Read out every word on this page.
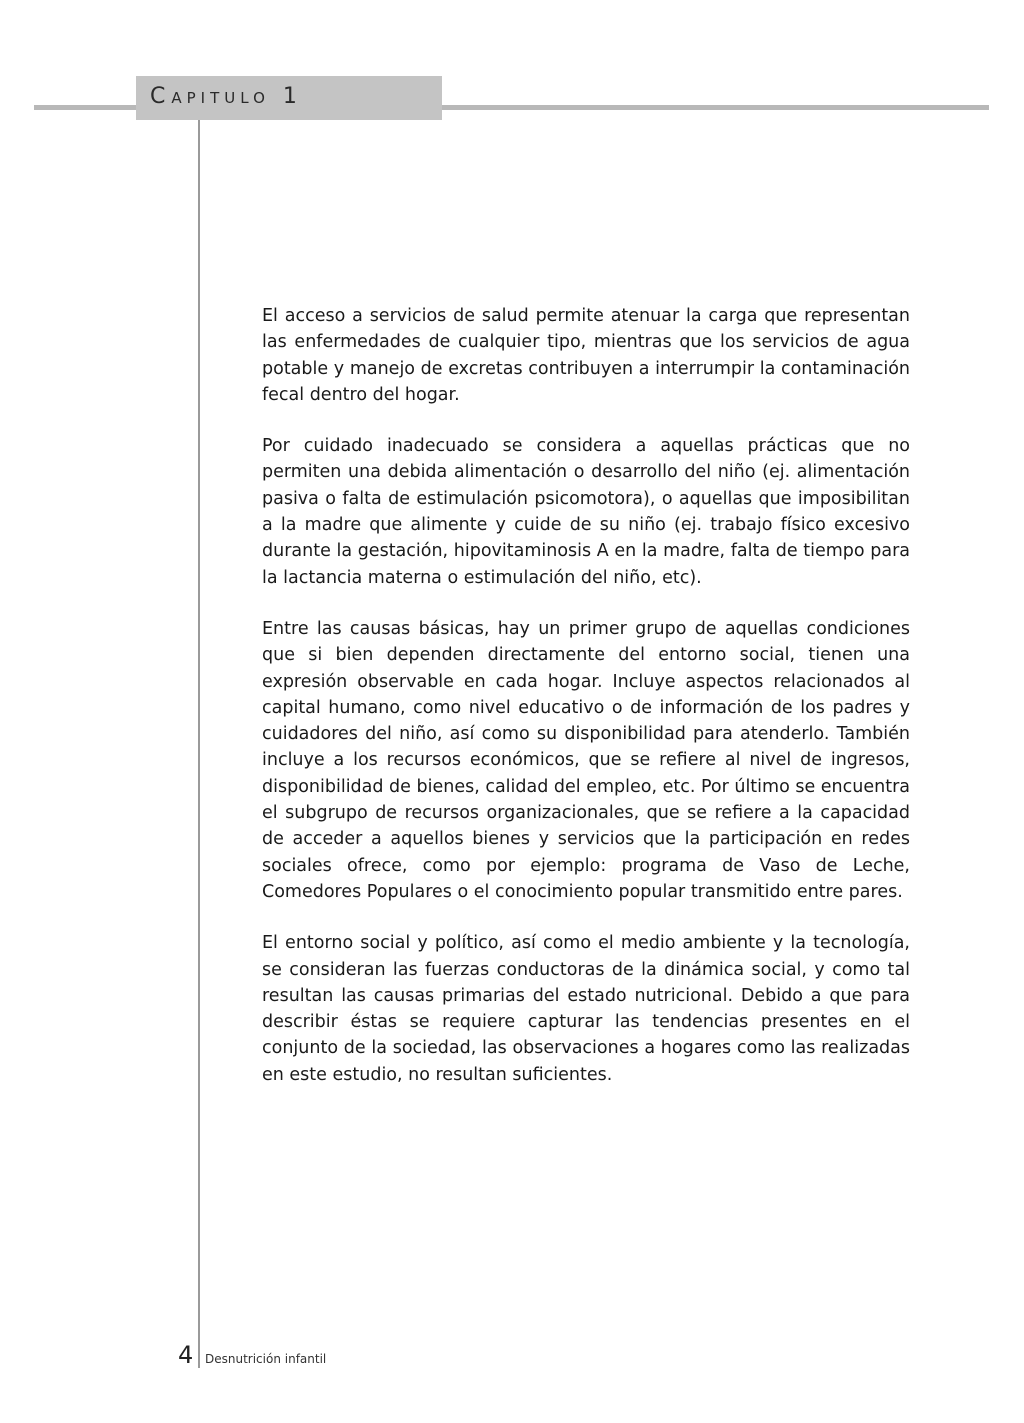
CAPITULO 1

El acceso a servicios de salud permite atenuar la carga que representan las enfermedades de cualquier tipo, mientras que los servicios de agua potable y manejo de excretas contribuyen a interrumpir la contaminación fecal dentro del hogar.

Por cuidado inadecuado se considera a aquellas prácticas que no permiten una debida alimentación o desarrollo del niño (ej. alimentación pasiva o falta de estimulación psicomotora), o aquellas que imposibilitan a la madre que alimente y cuide de su niño (ej. trabajo físico excesivo durante la gestación, hipovitaminosis A en la madre, falta de tiempo para la lactancia materna o estimulación del niño, etc).

Entre las causas básicas, hay un primer grupo de aquellas condiciones que si bien dependen directamente del entorno social, tienen una expresión observable en cada hogar. Incluye aspectos relacionados al capital humano, como nivel educativo o de información de los padres y cuidadores del niño, así como su disponibilidad para atenderlo. También incluye a los recursos económicos, que se refiere al nivel de ingresos, disponibilidad de bienes, calidad del empleo, etc. Por último se encuentra el subgrupo de recursos organizacionales, que se refiere a la capacidad de acceder a aquellos bienes y servicios que la participación en redes sociales ofrece, como por ejemplo: programa de Vaso de Leche, Comedores Populares o el conocimiento popular transmitido entre pares.

El entorno social y político, así como el medio ambiente y la tecnología, se consideran las fuerzas conductoras de la dinámica social, y como tal resultan las causas primarias del estado nutricional. Debido a que para describir éstas se requiere capturar las tendencias presentes en el conjunto de la sociedad, las observaciones a hogares como las realizadas en este estudio, no resultan suficientes.

4 Desnutrición infantil
